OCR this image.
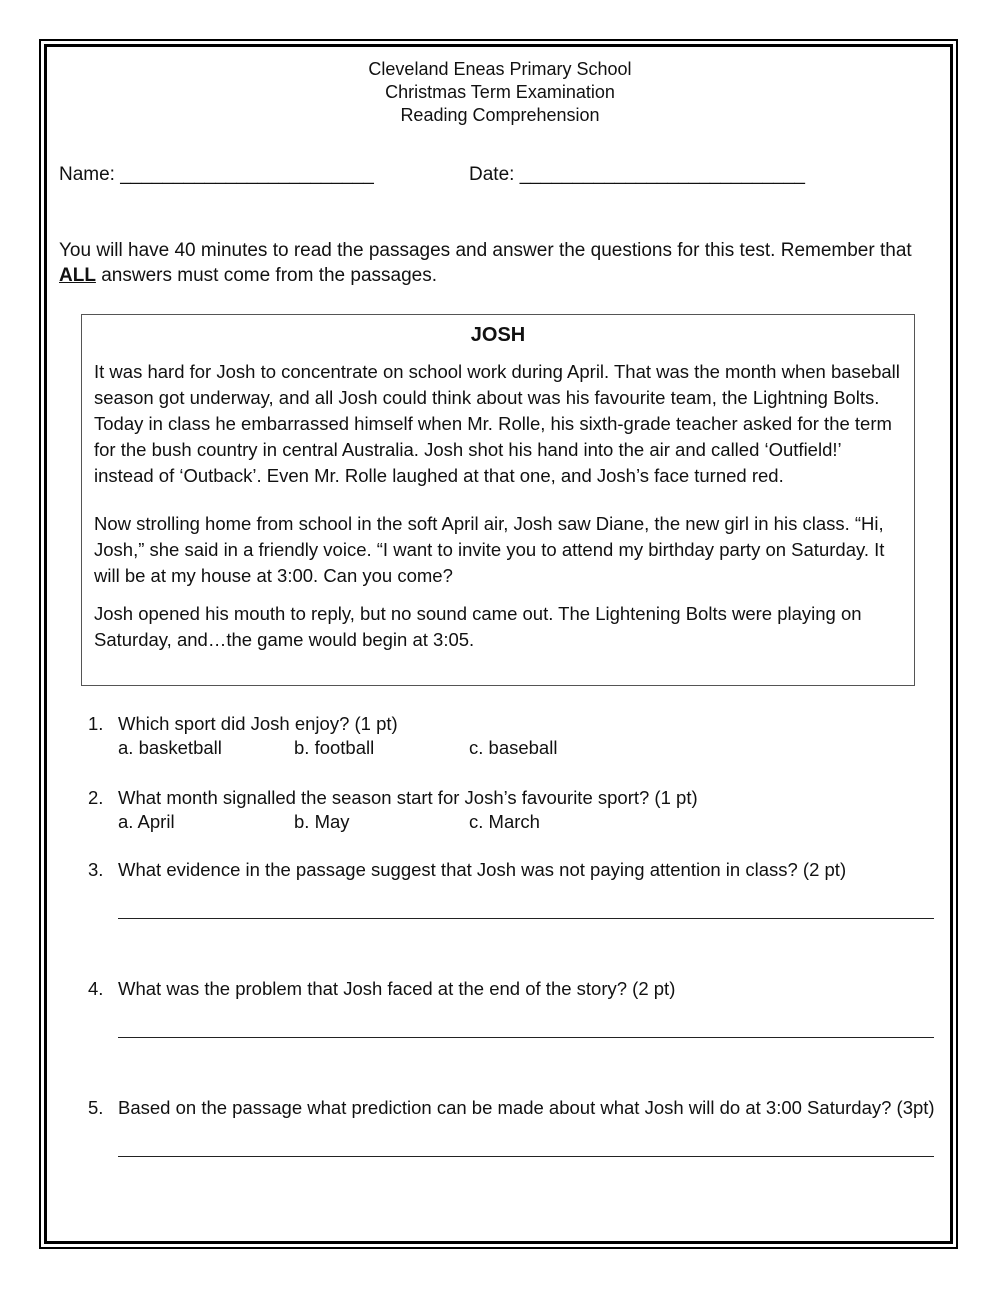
Cleveland Eneas Primary School
Christmas Term Examination
Reading Comprehension
Name: ________________________	Date: ___________________________
You will have 40 minutes to read the passages and answer the questions for this test. Remember that
ALL answers must come from the passages.
JOSH

It was hard for Josh to concentrate on school work during April. That was the month when baseball season got underway, and all Josh could think about was his favourite team, the Lightning Bolts. Today in class he embarrassed himself when Mr. Rolle, his sixth-grade teacher asked for the term for the bush country in central Australia. Josh shot his hand into the air and called ‘Outfield!’ instead of ‘Outback’. Even Mr. Rolle laughed at that one, and Josh’s face turned red.

Now strolling home from school in the soft April air, Josh saw Diane, the new girl in his class. “Hi, Josh,” she said in a friendly voice. “I want to invite you to attend my birthday party on Saturday. It will be at my house at 3:00. Can you come?

Josh opened his mouth to reply, but no sound came out. The Lightening Bolts were playing on Saturday, and…the game would begin at 3:05.

1. Which sport did Josh enjoy? (1 pt)
a. basketball	b. football	c. baseball
2. What month signalled the season start for Josh’s favourite sport? (1 pt)
a. April	b. May	c. March
3. What evidence in the passage suggest that Josh was not paying attention in class? (2 pt)
4. What was the problem that Josh faced at the end of the story? (2 pt)
5. Based on the passage what prediction can be made about what Josh will do at 3:00 Saturday? (3pt)
